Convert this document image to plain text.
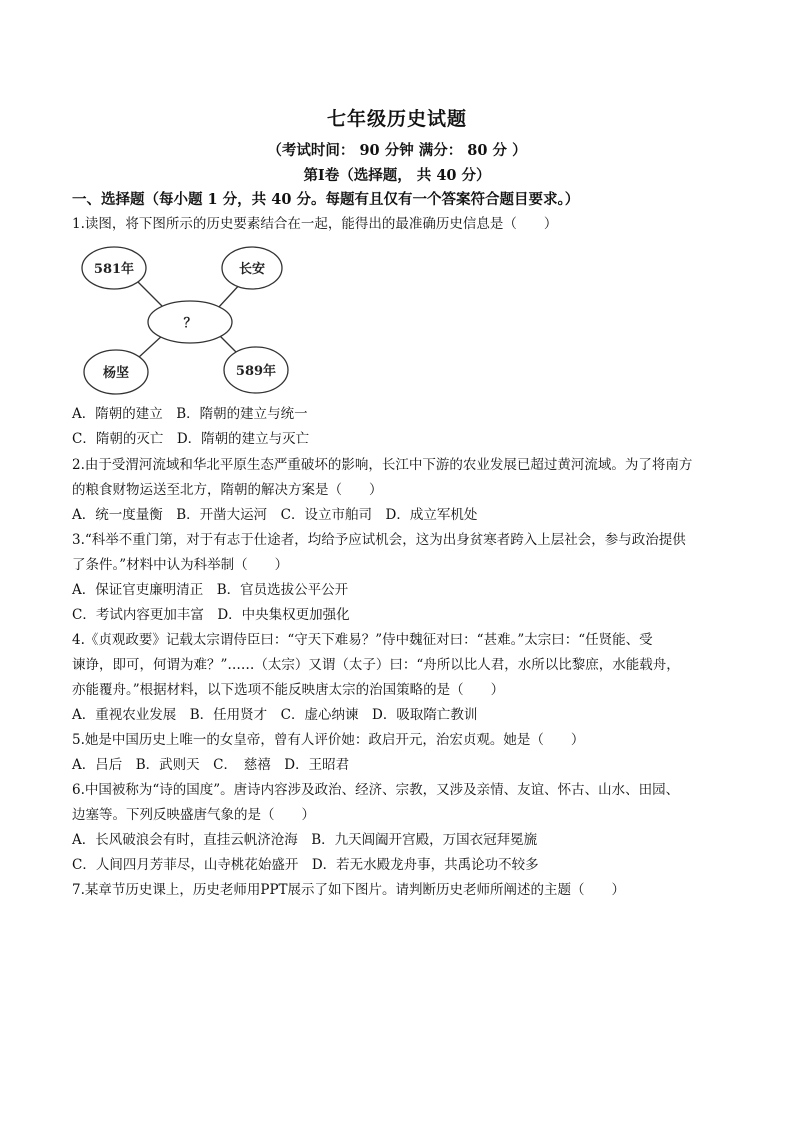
七年级历史试题
（考试时间： 90 分钟 满分： 80 分 ）
第Ⅰ卷（选择题， 共 40 分）
一、选择题（每小题 1 分，共 40 分。每题有且仅有一个答案符合题目要求。）
1.读图，将下图所示的历史要素结合在一起，能得出的最准确历史信息是（　　）
581年	长安
？
杨坚	589年
A．隋朝的建立　B．隋朝的建立与统一
C．隋朝的灭亡　D．隋朝的建立与灭亡
2.由于受渭河流域和华北平原生态严重破坏的影响，长江中下游的农业发展已超过黄河流域。为了将南方
的粮食财物运送至北方，隋朝的解决方案是（　　）
A．统一度量衡　B．开凿大运河　C．设立市舶司　D．成立军机处
3.“科举不重门第，对于有志于仕途者，均给予应试机会，这为出身贫寒者跨入上层社会，参与政治提供
了条件。”材料中认为科举制（　　）
A．保证官吏廉明清正　B．官员选拔公平公开
C．考试内容更加丰富　D．中央集权更加强化
4.《贞观政要》记载太宗谓侍臣曰：“守天下难易？”侍中魏征对曰：“甚难。”太宗曰：“任贤能、受
谏诤，即可，何谓为难？”……（太宗）又谓（太子）曰：“舟所以比人君，水所以比黎庶，水能载舟，
亦能覆舟。”根据材料，以下选项不能反映唐太宗的治国策略的是（　　）
A．重视农业发展　B．任用贤才　C．虚心纳谏　D．吸取隋亡教训
5.她是中国历史上唯一的女皇帝，曾有人评价她：政启开元，治宏贞观。她是（　　）
A．吕后　B．武则天　C．　慈禧　D．王昭君
6.中国被称为“诗的国度”。唐诗内容涉及政治、经济、宗教，又涉及亲情、友谊、怀古、山水、田园、
边塞等。下列反映盛唐气象的是（　　）
A．长风破浪会有时，直挂云帆济沧海　B．九天阊阖开宫殿，万国衣冠拜冕旒
C．人间四月芳菲尽，山寺桃花始盛开　D．若无水殿龙舟事，共禹论功不较多
7.某章节历史课上，历史老师用PPT展示了如下图片。请判断历史老师所阐述的主题（　　）
